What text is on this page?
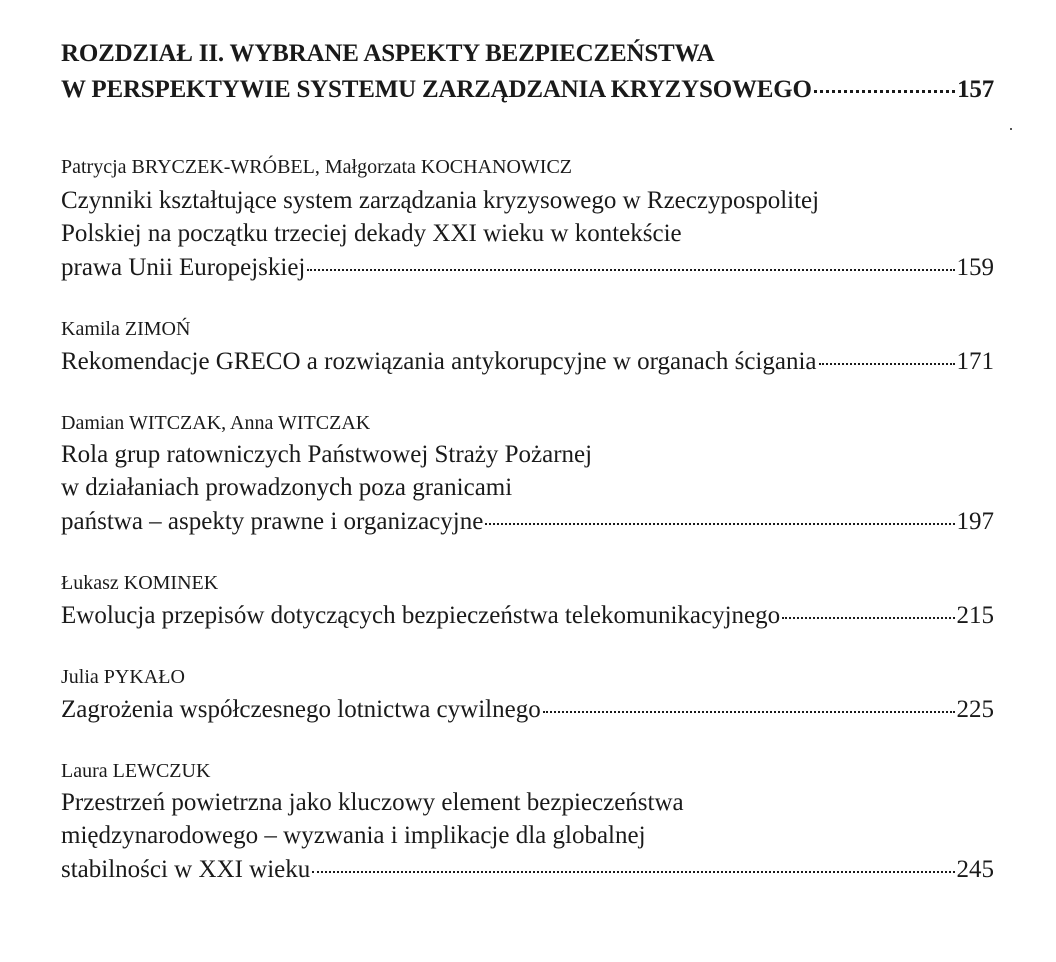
ROZDZIAŁ II. WYBRANE ASPEKTY BEZPIECZEŃSTWA
W PERSPEKTYWIE SYSTEMU ZARZĄDZANIA KRYZYSOWEGO	157
Patrycja BRYCZEK-WRÓBEL, Małgorzata KOCHANOWICZ
Czynniki kształtujące system zarządzania kryzysowego w Rzeczypospolitej
Polskiej na początku trzeciej dekady XXI wieku w kontekście
prawa Unii Europejskiej	159
Kamila ZIMOŃ
Rekomendacje GRECO a rozwiązania antykorupcyjne w organach ścigania	171
Damian WITCZAK, Anna WITCZAK
Rola grup ratowniczych Państwowej Straży Pożarnej
w działaniach prowadzonych poza granicami
państwa – aspekty prawne i organizacyjne	197
Łukasz KOMINEK
Ewolucja przepisów dotyczących bezpieczeństwa telekomunikacyjnego	215
Julia PYKAŁO
Zagrożenia współczesnego lotnictwa cywilnego	225
Laura LEWCZUK
Przestrzeń powietrzna jako kluczowy element bezpieczeństwa
międzynarodowego – wyzwania i implikacje dla globalnej
stabilności w XXI wieku	245
